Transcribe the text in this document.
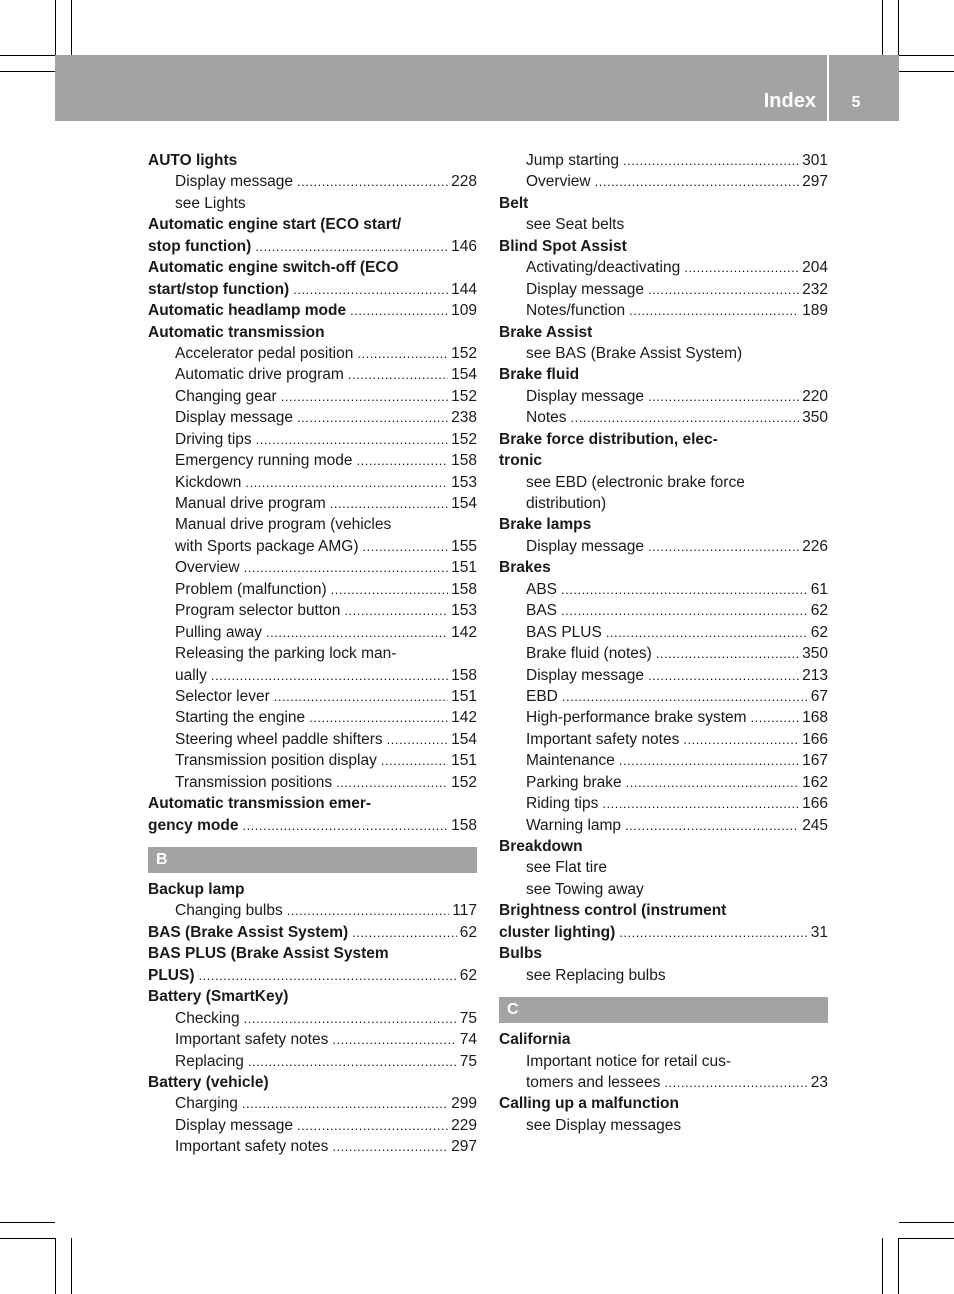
Index	5
AUTO lights
Display message .....	228
see Lights
Automatic engine start (ECO start/
stop function) .....	146
Automatic engine switch-off (ECO
start/stop function) .....	144
Automatic headlamp mode .....	109
Automatic transmission
Accelerator pedal position .....	152
Automatic drive program .....	154
Changing gear .....	152
Display message .....	238
Driving tips .....	152
Emergency running mode .....	158
Kickdown .....	153
Manual drive program .....	154
Manual drive program (vehicles
with Sports package AMG) .....	155
Overview .....	151
Problem (malfunction) .....	158
Program selector button .....	153
Pulling away .....	142
Releasing the parking lock man-
ually .....	158
Selector lever .....	151
Starting the engine .....	142
Steering wheel paddle shifters .....	154
Transmission position display .....	151
Transmission positions .....	152
Automatic transmission emer-
gency mode .....	158
B
Backup lamp
Changing bulbs .....	117
BAS (Brake Assist System) .....	62
BAS PLUS (Brake Assist System
PLUS) .....	62
Battery (SmartKey)
Checking .....	75
Important safety notes .....	74
Replacing .....	75
Battery (vehicle)
Charging .....	299
Display message .....	229
Important safety notes .....	297
Jump starting .....	301
Overview .....	297
Belt
see Seat belts
Blind Spot Assist
Activating/deactivating .....	204
Display message .....	232
Notes/function .....	189
Brake Assist
see BAS (Brake Assist System)
Brake fluid
Display message .....	220
Notes .....	350
Brake force distribution, elec-
tronic
see EBD (electronic brake force
distribution)
Brake lamps
Display message .....	226
Brakes
ABS .....	61
BAS .....	62
BAS PLUS .....	62
Brake fluid (notes) .....	350
Display message .....	213
EBD .....	67
High-performance brake system .....	168
Important safety notes .....	166
Maintenance .....	167
Parking brake .....	162
Riding tips .....	166
Warning lamp .....	245
Breakdown
see Flat tire
see Towing away
Brightness control (instrument
cluster lighting) .....	31
Bulbs
see Replacing bulbs
C
California
Important notice for retail cus-
tomers and lessees .....	23
Calling up a malfunction
see Display messages
